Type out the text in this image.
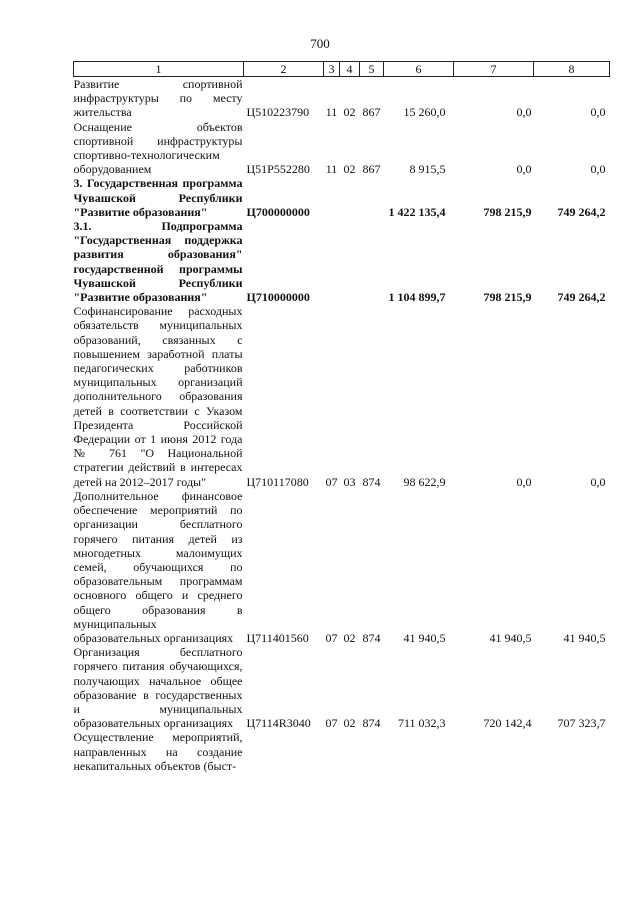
700
1	2	3	4	5	6	7	8
Развитие спортивной инфраструктуры по месту жительства	Ц510223790	11	02	867	15 260,0	0,0	0,0
Оснащение объектов спортивной инфраструктуры спортивно-технологическим оборудованием	Ц51P552280	11	02	867	8 915,5	0,0	0,0
3. Государственная программа Чувашской Республики "Развитие образования"	Ц700000000				1 422 135,4	798 215,9	749 264,2
3.1. Подпрограмма "Государственная поддержка развития образования" государственной программы Чувашской Республики "Развитие образования"	Ц710000000				1 104 899,7	798 215,9	749 264,2
Софинансирование расходных обязательств муниципальных образований, связанных с повышением заработной платы педагогических работников муниципальных организаций дополнительного образования детей в соответствии с Указом Президента Российской Федерации от 1 июня 2012 года № 761 "О Национальной стратегии действий в интересах детей на 2012–2017 годы"	Ц710117080	07	03	874	98 622,9	0,0	0,0
Дополнительное финансовое обеспечение мероприятий по организации бесплатного горячего питания детей из многодетных малоимущих семей, обучающихся по образовательным программам основного общего и среднего общего образования в муниципальных образовательных организациях	Ц711401560	07	02	874	41 940,5	41 940,5	41 940,5
Организация бесплатного горячего питания обучающихся, получающих начальное общее образование в государственных и муниципальных образовательных организациях	Ц7114R3040	07	02	874	711 032,3	720 142,4	707 323,7
Осуществление мероприятий, направленных на создание некапитальных объектов (быст-							
